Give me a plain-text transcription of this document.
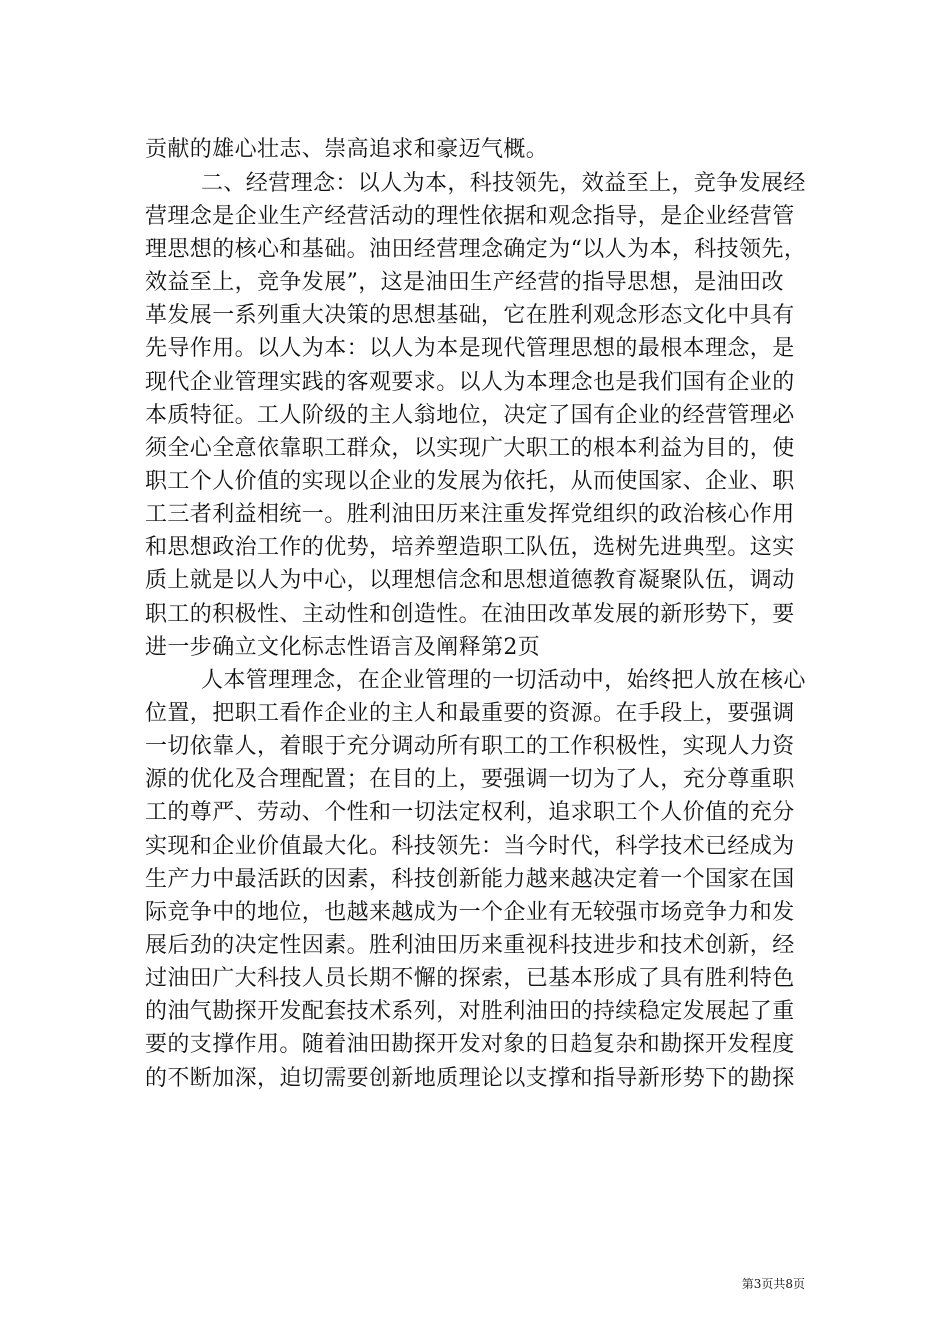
贡献的雄心壮志、崇高追求和豪迈气概。
二、经营理念：以人为本，科技领先，效益至上，竞争发展经
营理念是企业生产经营活动的理性依据和观念指导，是企业经营管
理思想的核心和基础。油田经营理念确定为“以人为本，科技领先，
效益至上，竞争发展”，这是油田生产经营的指导思想，是油田改
革发展一系列重大决策的思想基础，它在胜利观念形态文化中具有
先导作用。以人为本：以人为本是现代管理思想的最根本理念，是
现代企业管理实践的客观要求。以人为本理念也是我们国有企业的
本质特征。工人阶级的主人翁地位，决定了国有企业的经营管理必
须全心全意依靠职工群众，以实现广大职工的根本利益为目的，使
职工个人价值的实现以企业的发展为依托，从而使国家、企业、职
工三者利益相统一。胜利油田历来注重发挥党组织的政治核心作用
和思想政治工作的优势，培养塑造职工队伍，选树先进典型。这实
质上就是以人为中心，以理想信念和思想道德教育凝聚队伍，调动
职工的积极性、主动性和创造性。在油田改革发展的新形势下，要
进一步确立文化标志性语言及阐释第2页
人本管理理念，在企业管理的一切活动中，始终把人放在核心
位置，把职工看作企业的主人和最重要的资源。在手段上，要强调
一切依靠人，着眼于充分调动所有职工的工作积极性，实现人力资
源的优化及合理配置；在目的上，要强调一切为了人，充分尊重职
工的尊严、劳动、个性和一切法定权利，追求职工个人价值的充分
实现和企业价值最大化。科技领先：当今时代，科学技术已经成为
生产力中最活跃的因素，科技创新能力越来越决定着一个国家在国
际竞争中的地位，也越来越成为一个企业有无较强市场竞争力和发
展后劲的决定性因素。胜利油田历来重视科技进步和技术创新，经
过油田广大科技人员长期不懈的探索，已基本形成了具有胜利特色
的油气勘探开发配套技术系列，对胜利油田的持续稳定发展起了重
要的支撑作用。随着油田勘探开发对象的日趋复杂和勘探开发程度
的不断加深，迫切需要创新地质理论以支撑和指导新形势下的勘探
第3页共8页
